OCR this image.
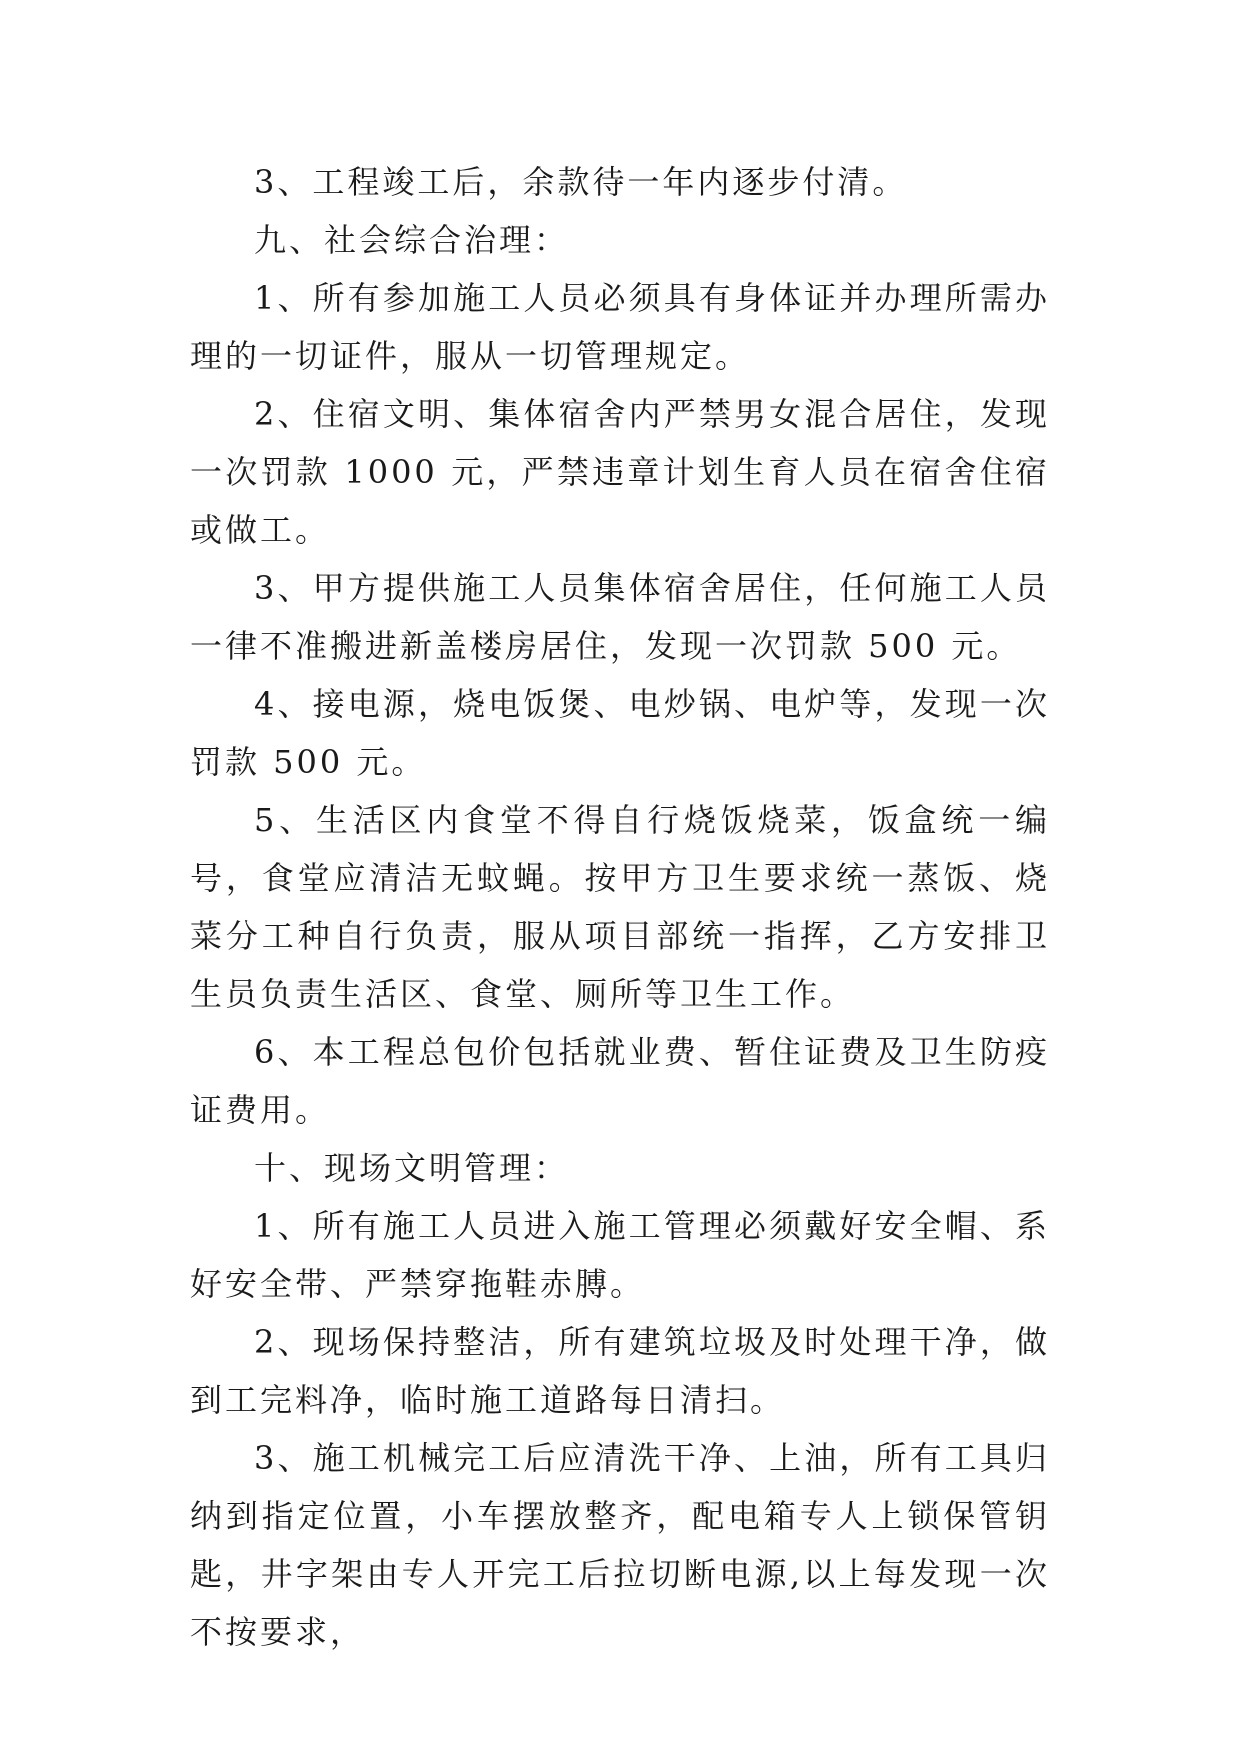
3、工程竣工后，余款待一年内逐步付清。

九、社会综合治理：

1、所有参加施工人员必须具有身体证并办理所需办理的一切证件，服从一切管理规定。

2、住宿文明、集体宿舍内严禁男女混合居住，发现一次罚款 1000 元，严禁违章计划生育人员在宿舍住宿或做工。

3、甲方提供施工人员集体宿舍居住，任何施工人员一律不准搬进新盖楼房居住，发现一次罚款 500 元。

4、接电源，烧电饭煲、电炒锅、电炉等，发现一次罚款 500 元。

5、生活区内食堂不得自行烧饭烧菜，饭盒统一编号，食堂应清洁无蚊蝇。按甲方卫生要求统一蒸饭、烧菜分工种自行负责，服从项目部统一指挥，乙方安排卫生员负责生活区、食堂、厕所等卫生工作。

6、本工程总包价包括就业费、暂住证费及卫生防疫证费用。

十、现场文明管理：

1、所有施工人员进入施工管理必须戴好安全帽、系好安全带、严禁穿拖鞋赤膊。

2、现场保持整洁，所有建筑垃圾及时处理干净，做到工完料净，临时施工道路每日清扫。

3、施工机械完工后应清洗干净、上油，所有工具归纳到指定位置，小车摆放整齐，配电箱专人上锁保管钥匙，井字架由专人开完工后拉切断电源,以上每发现一次不按要求，
